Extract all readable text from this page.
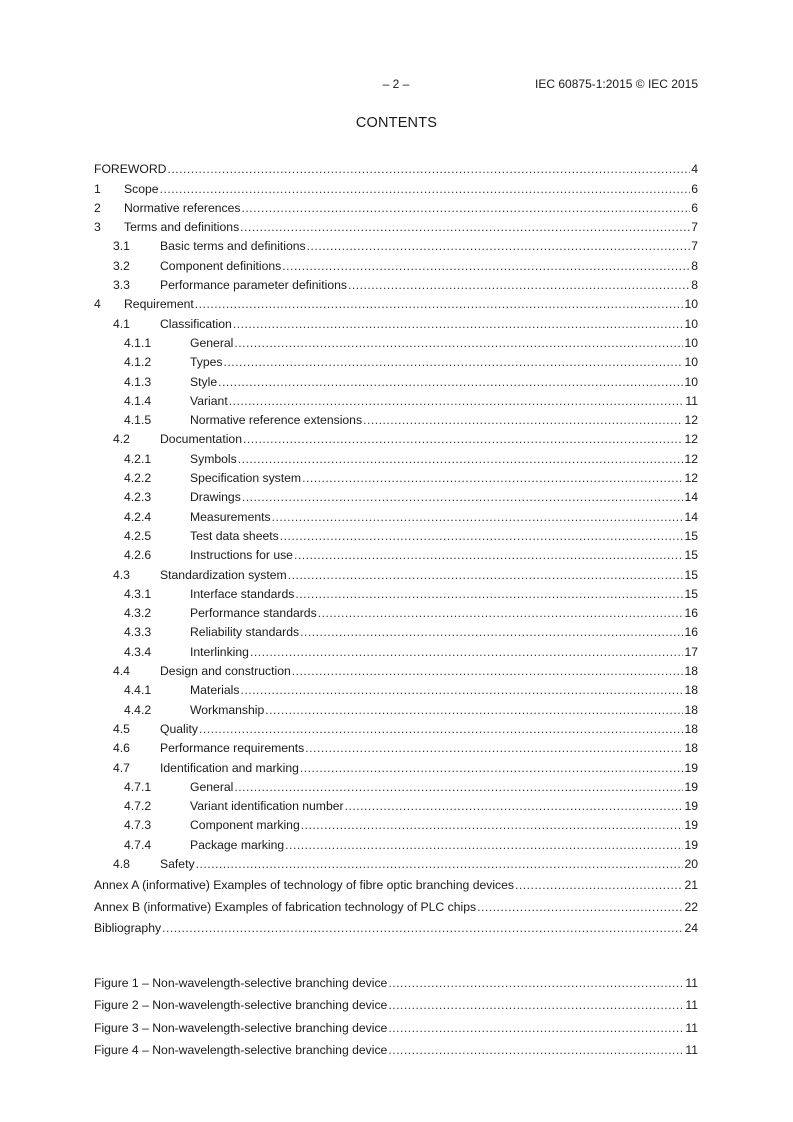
– 2 –	IEC 60875-1:2015 © IEC 2015
CONTENTS
FOREWORD .....	4
1 Scope .....	6
2 Normative references .....	6
3 Terms and definitions .....	7
3.1 Basic terms and definitions .....	7
3.2 Component definitions .....	8
3.3 Performance parameter definitions .....	8
4 Requirement .....	10
4.1 Classification .....	10
4.1.1	General .....	10
4.1.2	Types .....	10
4.1.3	Style .....	10
4.1.4	Variant .....	11
4.1.5	Normative reference extensions .....	12
4.2 Documentation .....	12
4.2.1	Symbols .....	12
4.2.2	Specification system .....	12
4.2.3	Drawings .....	14
4.2.4	Measurements .....	14
4.2.5	Test data sheets .....	15
4.2.6	Instructions for use .....	15
4.3 Standardization system .....	15
4.3.1	Interface standards .....	15
4.3.2	Performance standards .....	16
4.3.3	Reliability standards .....	16
4.3.4	Interlinking .....	17
4.4 Design and construction .....	18
4.4.1	Materials .....	18
4.4.2	Workmanship .....	18
4.5 Quality .....	18
4.6 Performance requirements .....	18
4.7 Identification and marking .....	19
4.7.1	General .....	19
4.7.2	Variant identification number .....	19
4.7.3	Component marking .....	19
4.7.4	Package marking .....	19
4.8 Safety .....	20
Annex A (informative) Examples of technology of fibre optic branching devices .....	21
Annex B (informative) Examples of fabrication technology of PLC chips .....	22
Bibliography .....	24
Figure 1 – Non-wavelength-selective branching device .....	11
Figure 2 – Non-wavelength-selective branching device .....	11
Figure 3 – Non-wavelength-selective branching device .....	11
Figure 4 – Non-wavelength-selective branching device .....	11
